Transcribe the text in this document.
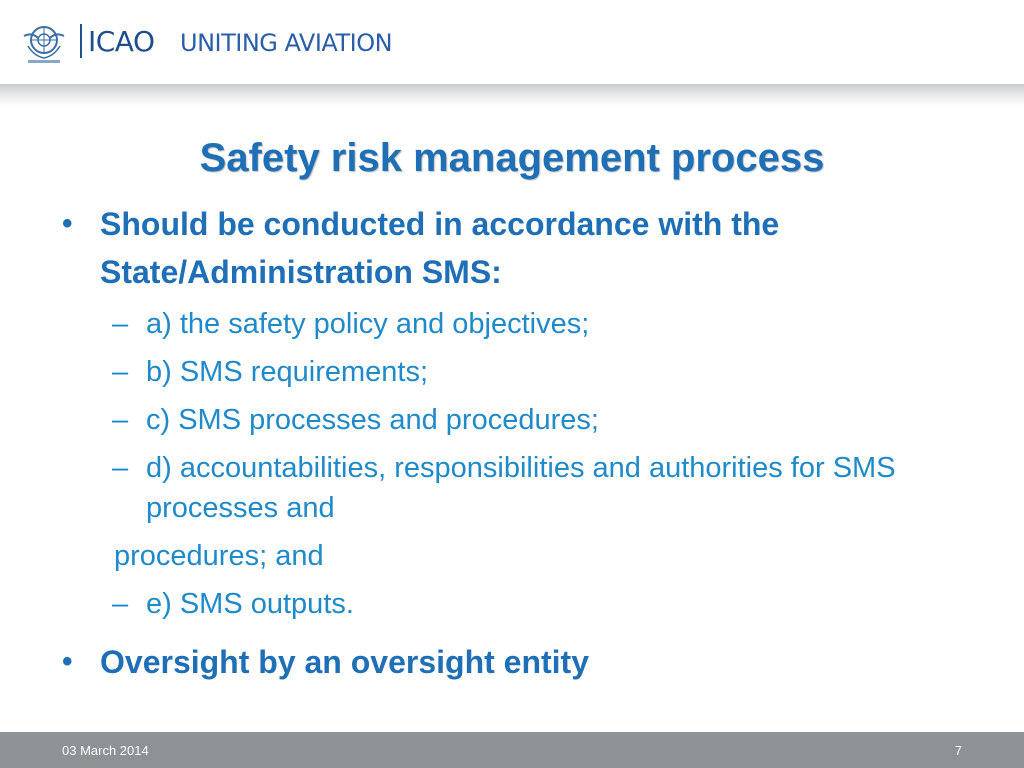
ICAO UNITING AVIATION
Safety risk management process
• Should be conducted in accordance with the State/Administration SMS:
– a) the safety policy and objectives;
– b) SMS requirements;
– c) SMS processes and procedures;
– d) accountabilities, responsibilities and authorities for SMS processes and
procedures; and
– e) SMS outputs.
• Oversight by an oversight entity
03 March 2014	7
